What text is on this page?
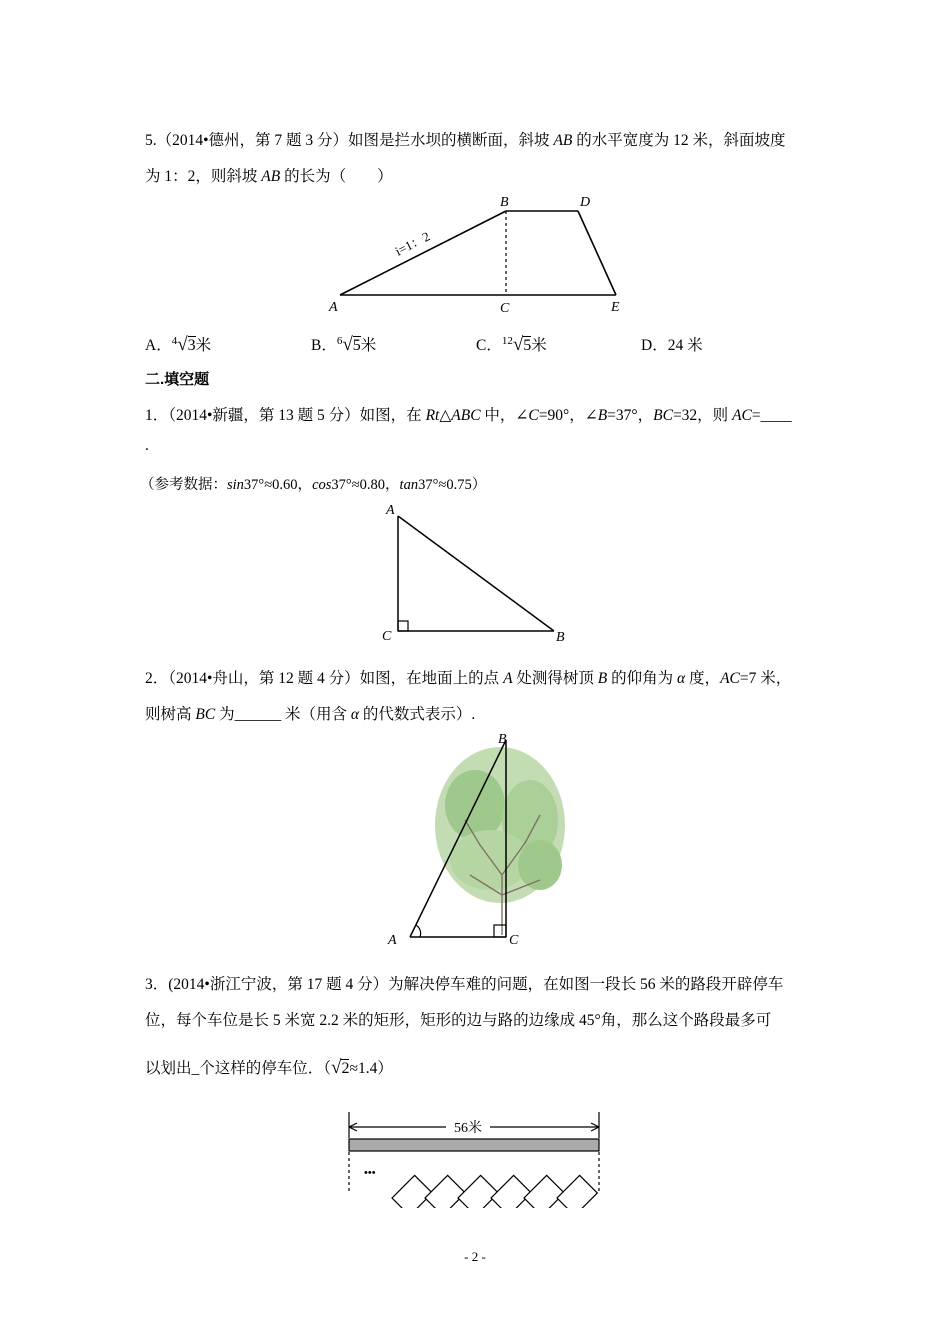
5.（2014•德州，第 7 题 3 分）如图是拦水坝的横断面，斜坡 AB 的水平宽度为 12 米，斜面坡度
为 1：2，则斜坡 AB 的长为（　　）
A
B
C
D
E
i=1：2
A．$^4$√3米	B．$^6$√5米	C．$^{12}$√5米	D．24 米
二.填空题
1．（2014•新疆，第 13 题 5 分）如图，在 Rt△ABC 中，∠C=90°，∠B=37°，BC=32，则 AC=____
.
（参考数据：sin37°≈0.60，cos37°≈0.80，tan37°≈0.75）
A
B
C
2．（2014•舟山，第 12 题 4 分）如图，在地面上的点 A 处测得树顶 B 的仰角为 α 度，AC=7 米，
则树高 BC 为______ 米（用含 α 的代数式表示）.
A
B
C
3．(2014•浙江宁波，第 17 题 4 分）为解决停车难的问题，在如图一段长 56 米的路段开辟停车
位，每个车位是长 5 米宽 2.2 米的矩形，矩形的边与路的边缘成 45°角，那么这个路段最多可
以划出_个这样的停车位．（√2≈1.4）
56米
•••
- 2 -
